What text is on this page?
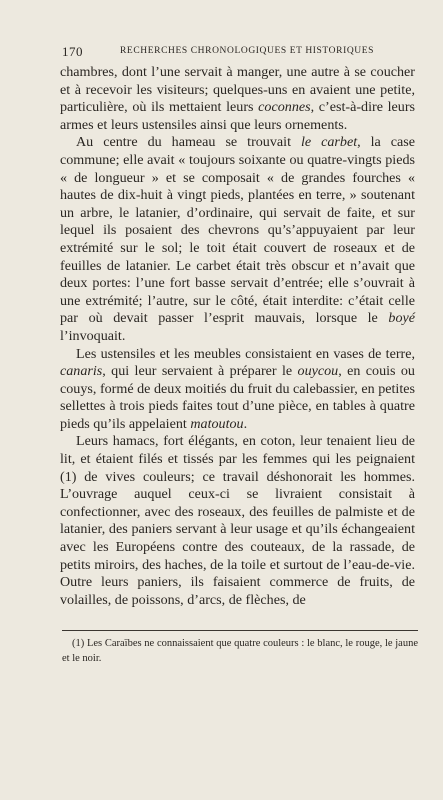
170	RECHERCHES CHRONOLOGIQUES ET HISTORIQUES

chambres, dont l’une servait à manger, une autre à se coucher et à recevoir les visiteurs; quelques-uns en avaient une petite, particulière, où ils mettaient leurs coconnes, c’est-à-dire leurs armes et leurs ustensiles ainsi que leurs ornements.

Au centre du hameau se trouvait le carbet, la case commune; elle avait « toujours soixante ou quatre-vingts pieds « de longueur » et se composait « de grandes fourches « hautes de dix-huit à vingt pieds, plantées en terre, » soutenant un arbre, le latanier, d’ordinaire, qui servait de faite, et sur lequel ils posaient des chevrons qu’s’appuyaient par leur extrémité sur le sol; le toit était couvert de roseaux et de feuilles de latanier. Le carbet était très obscur et n’avait que deux portes: l’une fort basse servait d’entrée; elle s’ouvrait à une extrémité; l’autre, sur le côté, était interdite: c’était celle par où devait passer l’esprit mauvais, lorsque le boyé l’invoquait.

Les ustensiles et les meubles consistaient en vases de terre, canaris, qui leur servaient à préparer le ouycou, en couis ou couys, formé de deux moitiés du fruit du calebassier, en petites sellettes à trois pieds faites tout d’une pièce, en tables à quatre pieds qu’ils appelaient matoutou.

Leurs hamacs, fort élégants, en coton, leur tenaient lieu de lit, et étaient filés et tissés par les femmes qui les peignaient (1) de vives couleurs; ce travail déshonorait les hommes. L’ouvrage auquel ceux-ci se livraient consistait à confectionner, avec des roseaux, des feuilles de palmiste et de latanier, des paniers servant à leur usage et qu’ils échangeaient avec les Européens contre des couteaux, de la rassade, de petits miroirs, des haches, de la toile et surtout de l’eau-de-vie. Outre leurs paniers, ils faisaient commerce de fruits, de volailles, de poissons, d’arcs, de flèches, de

(1) Les Caraïbes ne connaissaient que quatre couleurs : le blanc, le rouge, le jaune et le noir.
